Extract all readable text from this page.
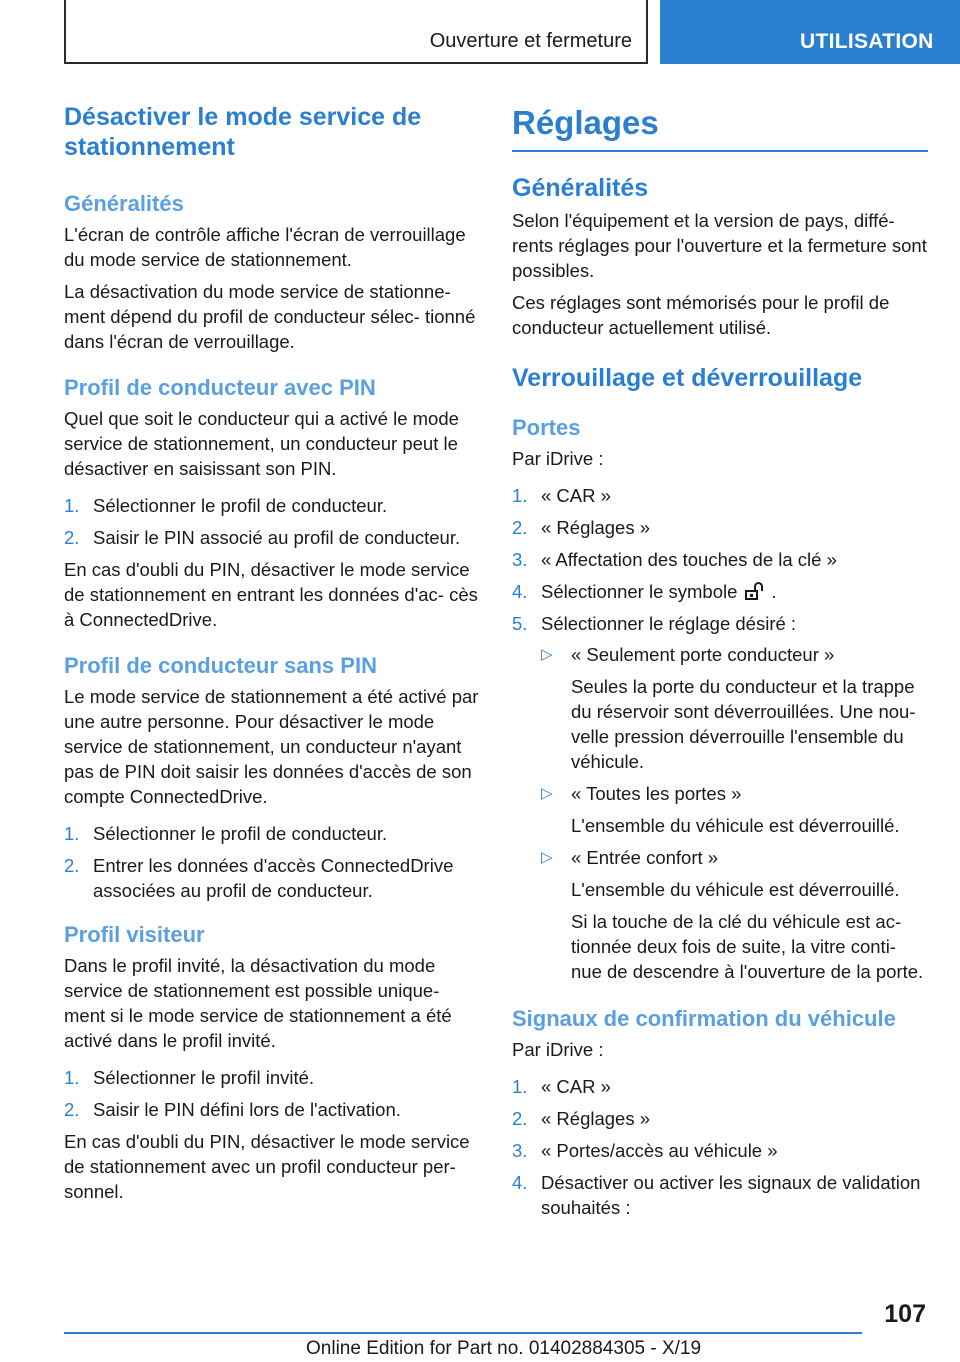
Ouverture et fermeture	UTILISATION
Désactiver le mode service de stationnement
Généralités

L'écran de contrôle affiche l'écran de verrouillage du mode service de stationnement.

La désactivation du mode service de stationne‐ ment dépend du profil de conducteur sélec‐ tionné dans l'écran de verrouillage.

Profil de conducteur avec PIN

Quel que soit le conducteur qui a activé le mode service de stationnement, un conducteur peut le désactiver en saisissant son PIN.

1. Sélectionner le profil de conducteur.
2. Saisir le PIN associé au profil de conducteur.

En cas d'oubli du PIN, désactiver le mode service de stationnement en entrant les données d'ac‐ cès à ConnectedDrive.

Profil de conducteur sans PIN

Le mode service de stationnement a été activé par une autre personne. Pour désactiver le mode service de stationnement, un conducteur n'ayant pas de PIN doit saisir les données d'accès de son compte ConnectedDrive.

1. Sélectionner le profil de conducteur.
2. Entrer les données d'accès ConnectedDrive associées au profil de conducteur.
Profil visiteur

Dans le profil invité, la désactivation du mode service de stationnement est possible unique‐ ment si le mode service de stationnement a été activé dans le profil invité.

1. Sélectionner le profil invité.
2. Saisir le PIN défini lors de l'activation.

En cas d'oubli du PIN, désactiver le mode service de stationnement avec un profil conducteur per‐ sonnel.

Réglages
Généralités

Selon l'équipement et la version de pays, diffé‐ rents réglages pour l'ouverture et la fermeture sont possibles.

Ces réglages sont mémorisés pour le profil de conducteur actuellement utilisé.

Verrouillage et déverrouillage
Portes

Par iDrive :

1. « CAR »
2. « Réglages »
3. « Affectation des touches de la clé »
4. Sélectionner le symbole .
5. Sélectionner le réglage désiré :
▷ « Seulement porte conducteur »
Seules la porte du conducteur et la trappe du réservoir sont déverrouillées. Une nou‐ velle pression déverrouille l'ensemble du véhicule.
▷ « Toutes les portes »
L'ensemble du véhicule est déverrouillé.
▷ « Entrée confort »
L'ensemble du véhicule est déverrouillé.
Si la touche de la clé du véhicule est ac‐ tionnée deux fois de suite, la vitre conti‐ nue de descendre à l'ouverture de la porte.
Signaux de confirmation du véhicule

Par iDrive :

1. « CAR »
2. « Réglages »
3. « Portes/accès au véhicule »
4. Désactiver ou activer les signaux de validation souhaités :
107
Online Edition for Part no. 01402884305 - X/19
